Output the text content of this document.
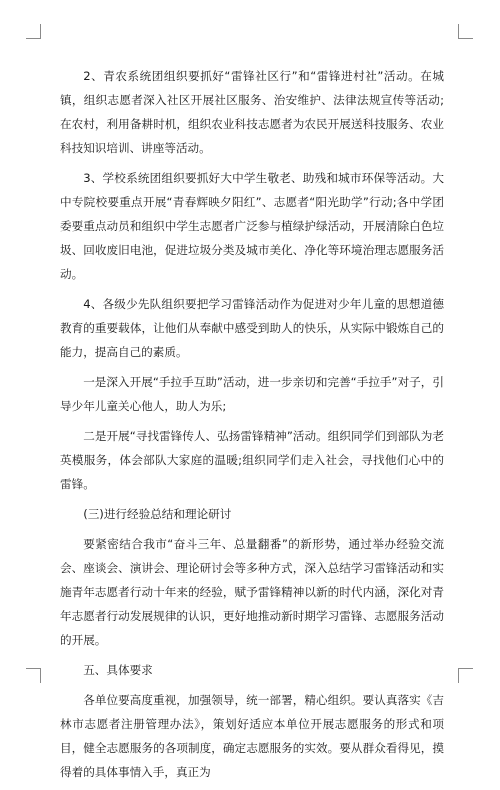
2、青农系统团组织要抓好“雷锋社区行”和“雷锋进村社”活动。在城镇，组织志愿者深入社区开展社区服务、治安维护、法律法规宣传等活动;在农村，利用备耕时机，组织农业科技志愿者为农民开展送科技服务、农业科技知识培训、讲座等活动。

3、学校系统团组织要抓好大中学生敬老、助残和城市环保等活动。大中专院校要重点开展“青春辉映夕阳红”、志愿者“阳光助学”行动;各中学团委要重点动员和组织中学生志愿者广泛参与植绿护绿活动，开展清除白色垃圾、回收废旧电池，促进垃圾分类及城市美化、净化等环境治理志愿服务活动。

4、各级少先队组织要把学习雷锋活动作为促进对少年儿童的思想道德教育的重要载体，让他们从奉献中感受到助人的快乐，从实际中锻炼自己的能力，提高自己的素质。

一是深入开展“手拉手互助”活动，进一步亲切和完善“手拉手”对子，引导少年儿童关心他人，助人为乐;

二是开展“寻找雷锋传人、弘扬雷锋精神”活动。组织同学们到部队为老英模服务，体会部队大家庭的温暖;组织同学们走入社会，寻找他们心中的雷锋。

(三)进行经验总结和理论研讨

要紧密结合我市“奋斗三年、总量翻番”的新形势，通过举办经验交流会、座谈会、演讲会、理论研讨会等多种方式，深入总结学习雷锋活动和实施青年志愿者行动十年来的经验，赋予雷锋精神以新的时代内涵，深化对青年志愿者行动发展规律的认识，更好地推动新时期学习雷锋、志愿服务活动的开展。

五、具体要求

各单位要高度重视，加强领导，统一部署，精心组织。要认真落实《吉林市志愿者注册管理办法》，策划好适应本单位开展志愿服务的形式和项目，健全志愿服务的各项制度，确定志愿服务的实效。要从群众看得见，摸得着的具体事情入手，真正为
